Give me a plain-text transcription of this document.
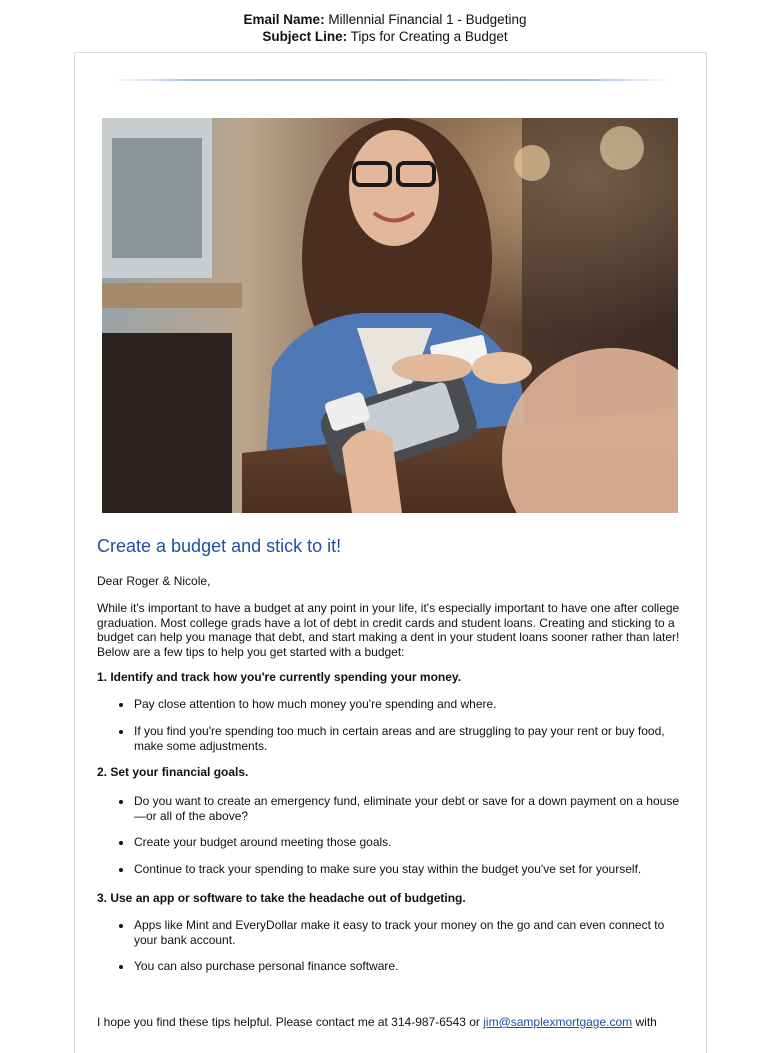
Email Name: Millennial Financial 1 - Budgeting
Subject Line: Tips for Creating a Budget
Create a budget and stick to it!

Dear Roger & Nicole,

While it's important to have a budget at any point in your life, it's especially important to have one after college graduation. Most college grads have a lot of debt in credit cards and student loans. Creating and sticking to a budget can help you manage that debt, and start making a dent in your student loans sooner rather than later! Below are a few tips to help you get started with a budget:

1. Identify and track how you're currently spending your money.

Pay close attention to how much money you're spending and where.
If you find you're spending too much in certain areas and are struggling to pay your rent or buy food, make some adjustments.

2. Set your financial goals.

Do you want to create an emergency fund, eliminate your debt or save for a down payment on a house—or all of the above?
Create your budget around meeting those goals.
Continue to track your spending to make sure you stay within the budget you've set for yourself.

3. Use an app or software to take the headache out of budgeting.

Apps like Mint and EveryDollar make it easy to track your money on the go and can even connect to your bank account.
You can also purchase personal finance software.

I hope you find these tips helpful. Please contact me at 314-987-6543 or jim@samplexmortgage.com with
